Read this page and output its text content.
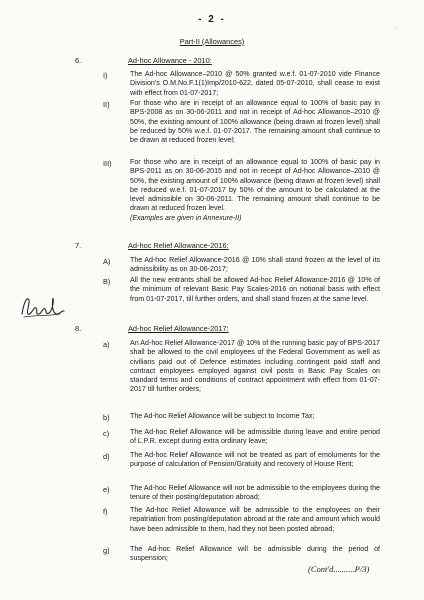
- 2 -
'
Part-II (Allowances)
6.	Ad-hoc Allowance - 2010:
I)	The Ad-hoc Allowance–2010 @ 50% granted w.e.f. 01-07-2010 vide Finance Division's O.M.No.F.1(1)Imp/2010-622, dated 05-07-2010, shall cease to exist with effect from 01-07-2017;
II)	For those who are in receipt of an allowance equal to 100% of basic pay in BPS-2008 as on 30-06-2011 and not in receipt of Ad-hoc Allowance–2010 @ 50%, the existing amount of 100% allowance (being drawn at frozen level) shall be reduced by 50% w.e.f. 01-07-2017. The remaining amount shall continue to be drawn at reduced frozen level;
III)	For those who are in receipt of an allowance equal to 100% of basic pay in BPS-2011 as on 30-06-2015 and not in receipt of Ad-hoc Allowance–2010 @ 50%, the existing amount of 100% allowance (being drawn at frozen level) shall be reduced w.e.f. 01-07-2017 by 50% of the amount to be calculated at the level admissible on 30-06-2011. The remaining amount shall continue to be drawn at reduced frozen level.
(Examples are given in Annexure-II)
7.	Ad-hoc Relief Allowance-2016:
A)	The Ad-hoc Relief Allowance-2016 @ 10% shall stand frozen at the level of its admissibility as on 30-06-2017;
B)	All the new entrants shall be allowed Ad-hoc Relief Allowance-2016 @ 10% of the minimum of relevant Basic Pay Scales-2016 on notional basis with effect from 01-07-2017, till further orders, and shall stand frozen at the same level.
8.	Ad-hoc Relief Allowance-2017:
a)	An Ad-hoc Relief Allowance-2017 @ 10% of the running basic pay of BPS-2017 shall be allowed to the civil employees of the Federal Government as well as civilians paid out of Defence estimates including contingent paid staff and contract employees employed against civil posts in Basic Pay Scales on standard terms and conditions of contract appointment with effect from 01-07-2017 till further orders;
b)	The Ad-hoc Relief Allowance will be subject to Income Tax;
c)	The Ad-hoc Relief Allowance will be admissible during leave and entire period of L.P.R. except during extra ordinary leave;
d)	The Ad-hoc Relief Allowance will not be treated as part of emoluments for the purpose of calculation of Pension/Gratuity and recovery of House Rent;
e)	The Ad-hoc Relief Allowance will not be admissible to the employees during the tenure of their posting/deputation abroad;
f)	The Ad-hoc Relief Allowance will be admissible to the employees on their repatriation from posting/deputation abroad at the rate and amount which would have been admissible to them, had they not been posted abroad;
g)	The Ad-hoc Relief Allowance will be admissible during the period of suspension;
(Cont'd..........P/3)
